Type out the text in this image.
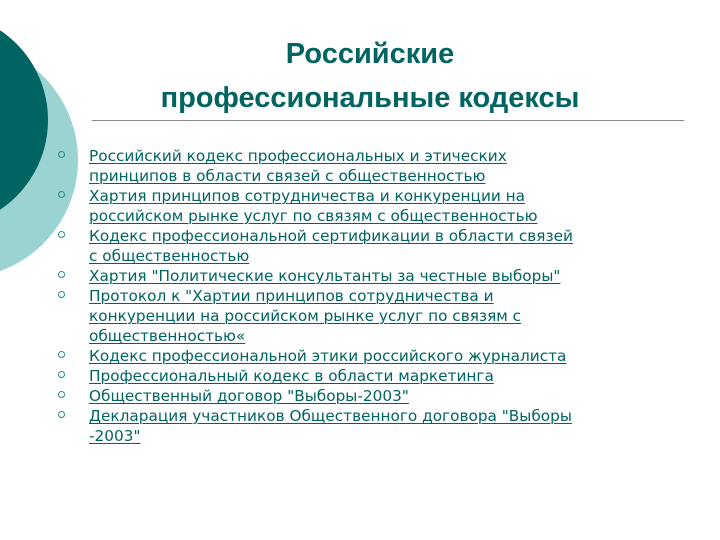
Российские
профессиональные кодексы
Российский кодекс профессиональных и этических
принципов в области связей с общественностью
Хартия принципов сотрудничества и конкуренции на
российском рынке услуг по связям с общественностью
Кодекс профессиональной сертификации в области связей
с общественностью
Хартия "Политические консультанты за честные выборы"
Протокол к "Хартии принципов сотрудничества и
конкуренции на российском рынке услуг по связям с
общественностью«
Кодекс профессиональной этики российского журналиста
Профессиональный кодекс в области маркетинга
Общественный договор "Выборы-2003"
Декларация участников Общественного договора "Выборы
-2003"
